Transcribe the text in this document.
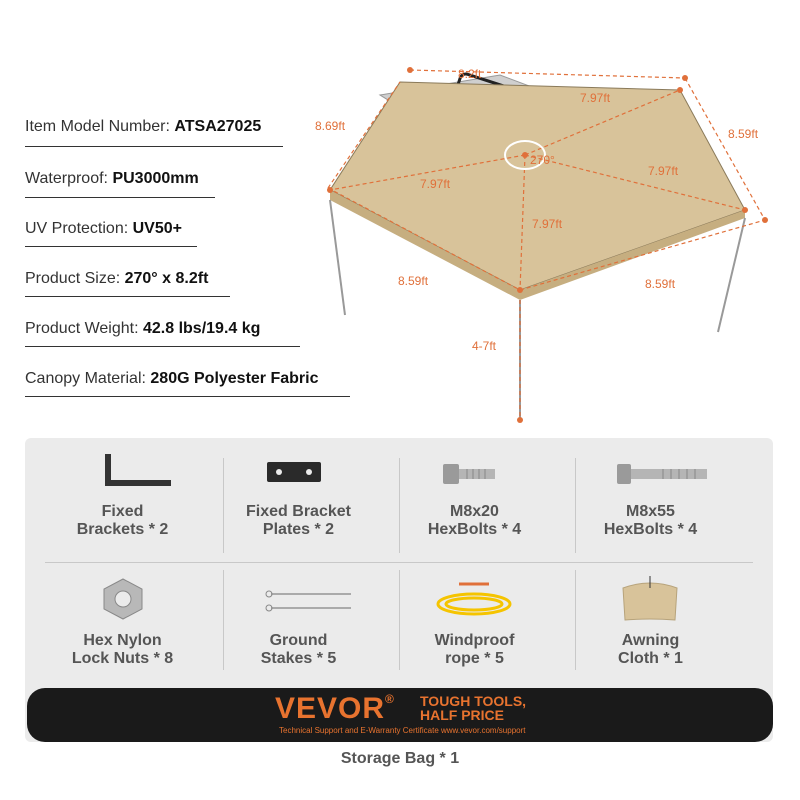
Item Model Number: ATSA27025
Waterproof: PU3000mm
UV Protection: UV50+
Product Size: 270° x 8.2ft
Product Weight: 42.8 lbs/19.4 kg
Canopy Material: 280G Polyester Fabric
8.2ft
8.69ft
7.97ft
8.59ft
270°
7.97ft
7.97ft
7.97ft
8.59ft	8.59ft
4-7ft
Fixed
Brackets * 2
Fixed Bracket
Plates * 2
M8x20
HexBolts * 4
M8x55
HexBolts * 4
Hex Nylon
Lock Nuts * 8
Ground
Stakes * 5
Windproof
rope * 5
Awning
Cloth * 1
VEVOR® TOUGH TOOLS,
HALF PRICE
Technical Support and E-Warranty Certificate www.vevor.com/support
Storage Bag * 1
